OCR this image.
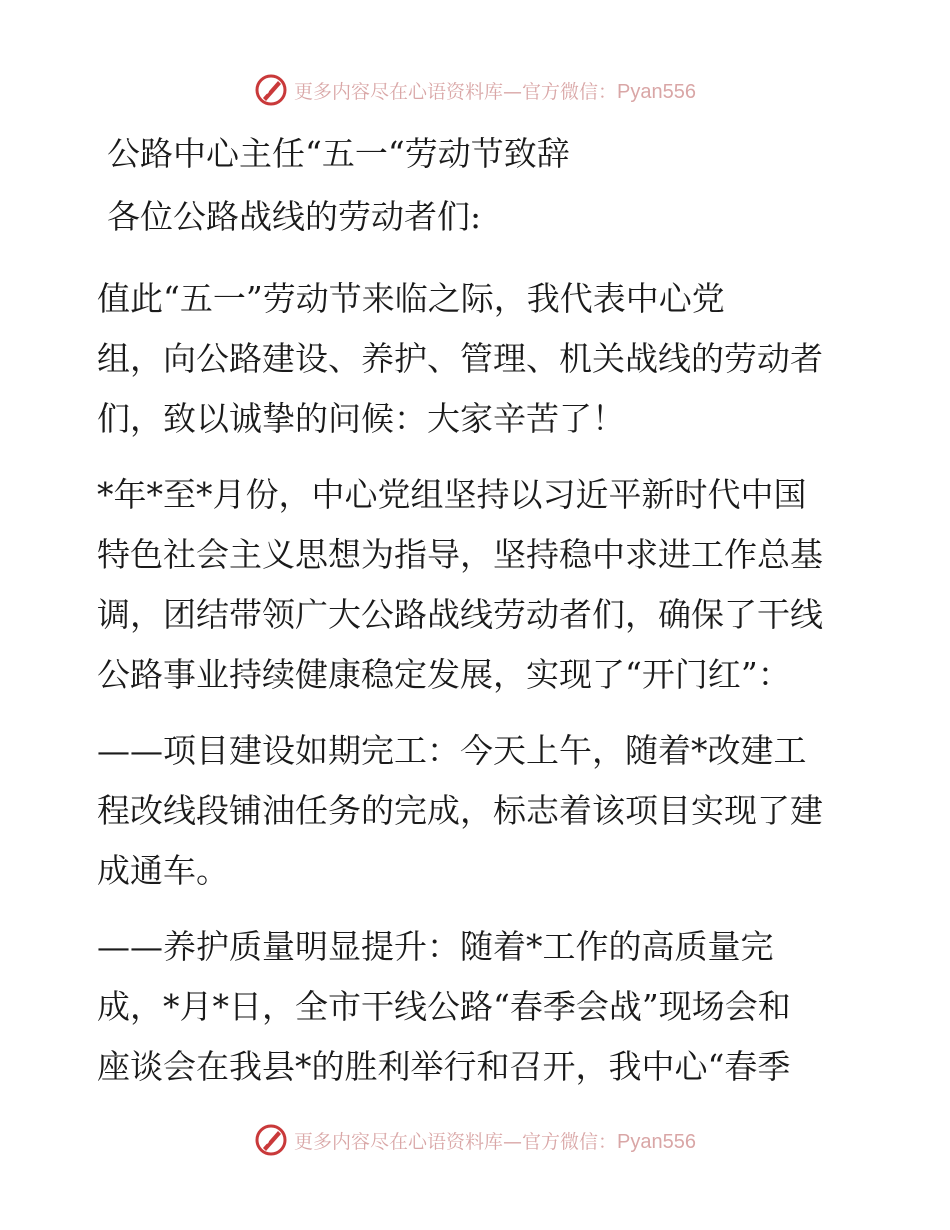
更多内容尽在心语资料库—官方微信：Pyan556

公路中心主任“五一“劳动节致辞

各位公路战线的劳动者们:

值此“五一”劳动节来临之际，我代表中心党

组，向公路建设、养护、管理、机关战线的劳动者

们，致以诚挚的问候：大家辛苦了！

*年*至*月份，中心党组坚持以习近平新时代中国

特色社会主义思想为指导，坚持稳中求进工作总基

调，团结带领广大公路战线劳动者们，确保了干线

公路事业持续健康稳定发展，实现了“开门红”：

——项目建设如期完工：今天上午，随着*改建工

程改线段铺油任务的完成，标志着该项目实现了建

成通车。

——养护质量明显提升：随着*工作的高质量完

成，*月*日，全市干线公路“春季会战”现场会和

座谈会在我县*的胜利举行和召开，我中心“春季

更多内容尽在心语资料库—官方微信：Pyan556
